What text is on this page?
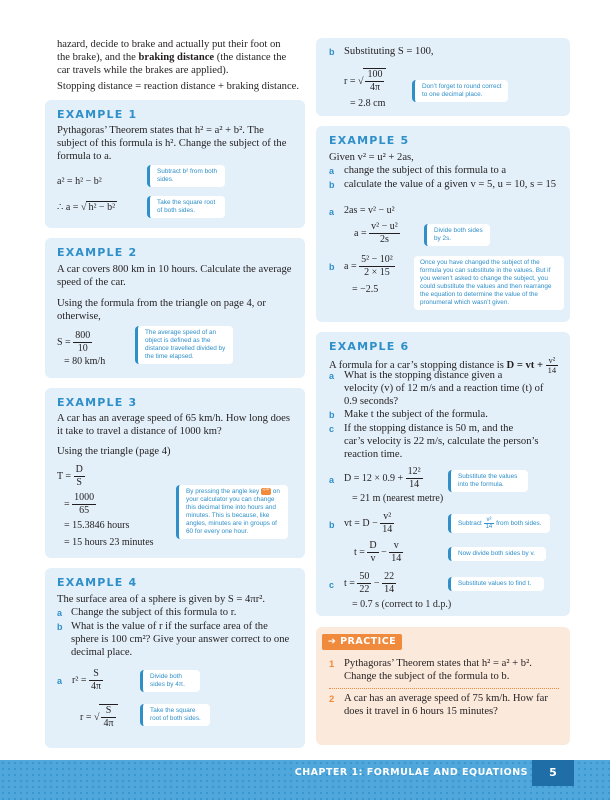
hazard, decide to brake and actually put their foot on
the brake), and the braking distance (the distance the
car travels while the brakes are applied).
Stopping distance = reaction distance + braking distance.
EXAMPLE 1
Pythagoras’ Theorem states that h² = a² + b². The
subject of this formula is h². Change the subject of the
formula to a.
a² = h² − b²
∴ a = √ h² − b²
Subtract b² from both sides.
Take the square root of both sides.
EXAMPLE 2
A car covers 800 km in 10 hours. Calculate the average
speed of the car.
Using the formula from the triangle on page 4, or
otherwise,
$S = \frac{800}{10}$
= 80 km/h
The average speed of an object is defined as the distance travelled divided by the time elapsed.
EXAMPLE 3
A car has an average speed of 65 km/h. How long does
it take to travel a distance of 1000 km?
Using the triangle (page 4)
$T = \frac{D}{S}$
= $\frac{1000}{65}$
= 15.3846 hours
= 15 hours 23 minutes
By pressing the angle key °′″ on your calculator you can change this decimal time into hours and minutes. This is because, like angles, minutes are in groups of 60 for every one hour.
EXAMPLE 4
The surface area of a sphere is given by S = 4πr².
a Change the subject of this formula to r.
b What is the value of r if the surface area of the
sphere is 100 cm²? Give your answer correct to one
decimal place.
a $r^2 = \frac{S}{4\pi}$
r = √ $\frac{S}{4\pi}$
Divide both sides by 4π.
Take the square root of both sides.
b Substituting S = 100,
r = √ $\frac{100}{4\pi}$
= 2.8 cm
Don’t forget to round correct to one decimal place.
EXAMPLE 5
Given v² = u² + 2as,
a change the subject of this formula to a
b calculate the value of a given v = 5, u = 10, s = 15
a 2as = v² − u²
$a = \frac{\text{v² − u²}}{2s}$	Divide both sides by 2s.
b $a = \frac{\text{5² − 10²}}{2 \times 15}$
= −2.5
Once you have changed the subject of the formula you can substitute in the values. But if you weren’t asked to change the subject, you could substitute the values and then rearrange the equation to determine the value of the pronumeral which wasn’t given.
EXAMPLE 6
A formula for a car’s stopping distance is D = vt + $\frac{\text{v²}}{14}$
a What is the stopping distance given a
velocity (v) of 12 m/s and a reaction time (t) of
0.9 seconds?
b Make t the subject of the formula.
c If the stopping distance is 50 m, and the
car’s velocity is 22 m/s, calculate the person’s
reaction time.
a $D = 12 \times 0.9 + \frac{\text{12²}}{14}$
= 21 m (nearest metre)
Substitute the values into the formula.
b vt = $D - \frac{\text{v²}}{14}$	Subtract $\frac{\text{v²}}{14}$ from both sides.
$t = \frac{D}{v} - \frac{v}{14}$	Now divide both sides by v.
c $t = \frac{50}{22} - \frac{22}{14}$
= 0.7 s (correct to 1 d.p.)
Substitute values to find t.
➔ PRACTICE
1 Pythagoras’ Theorem states that h² = a² + b².
Change the subject of the formula to b.
2 A car has an average speed of 75 km/h. How far
does it travel in 6 hours 15 minutes?
CHAPTER 1: FORMULAE AND EQUATIONS	5
